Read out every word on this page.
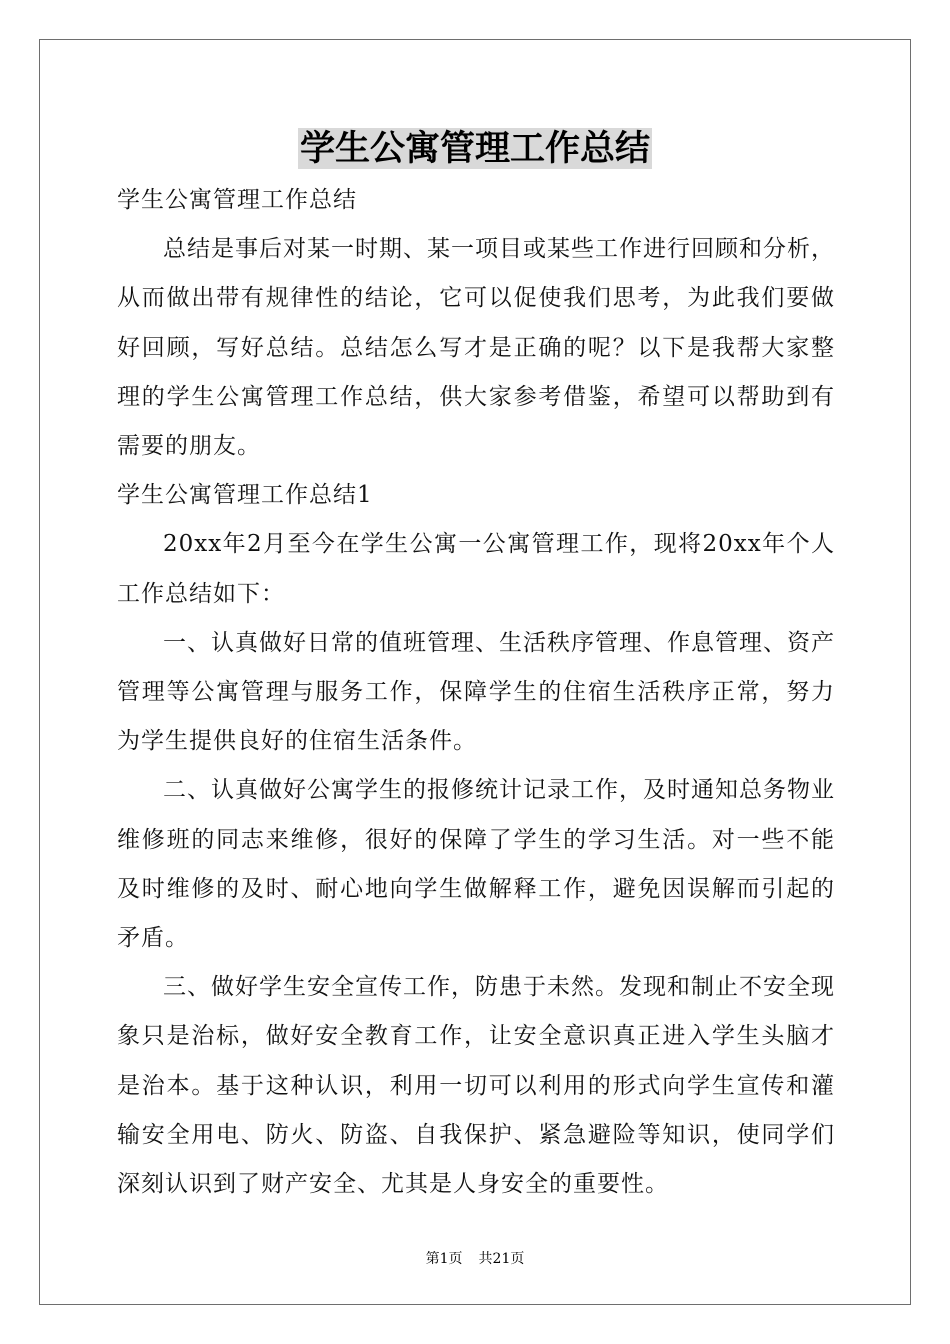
学生公寓管理工作总结

学生公寓管理工作总结

总结是事后对某一时期、某一项目或某些工作进行回顾和分析，从而做出带有规律性的结论，它可以促使我们思考，为此我们要做好回顾，写好总结。总结怎么写才是正确的呢？以下是我帮大家整理的学生公寓管理工作总结，供大家参考借鉴，希望可以帮助到有需要的朋友。

学生公寓管理工作总结1

20xx年2月至今在学生公寓一公寓管理工作，现将20xx年个人工作总结如下：

一、认真做好日常的值班管理、生活秩序管理、作息管理、资产管理等公寓管理与服务工作，保障学生的住宿生活秩序正常，努力为学生提供良好的住宿生活条件。

二、认真做好公寓学生的报修统计记录工作，及时通知总务物业维修班的同志来维修，很好的保障了学生的学习生活。对一些不能及时维修的及时、耐心地向学生做解释工作，避免因误解而引起的矛盾。

三、做好学生安全宣传工作，防患于未然。发现和制止不安全现象只是治标，做好安全教育工作，让安全意识真正进入学生头脑才是治本。基于这种认识，利用一切可以利用的形式向学生宣传和灌输安全用电、防火、防盗、自我保护、紧急避险等知识，使同学们深刻认识到了财产安全、尤其是人身安全的重要性。

第1页 共21页
